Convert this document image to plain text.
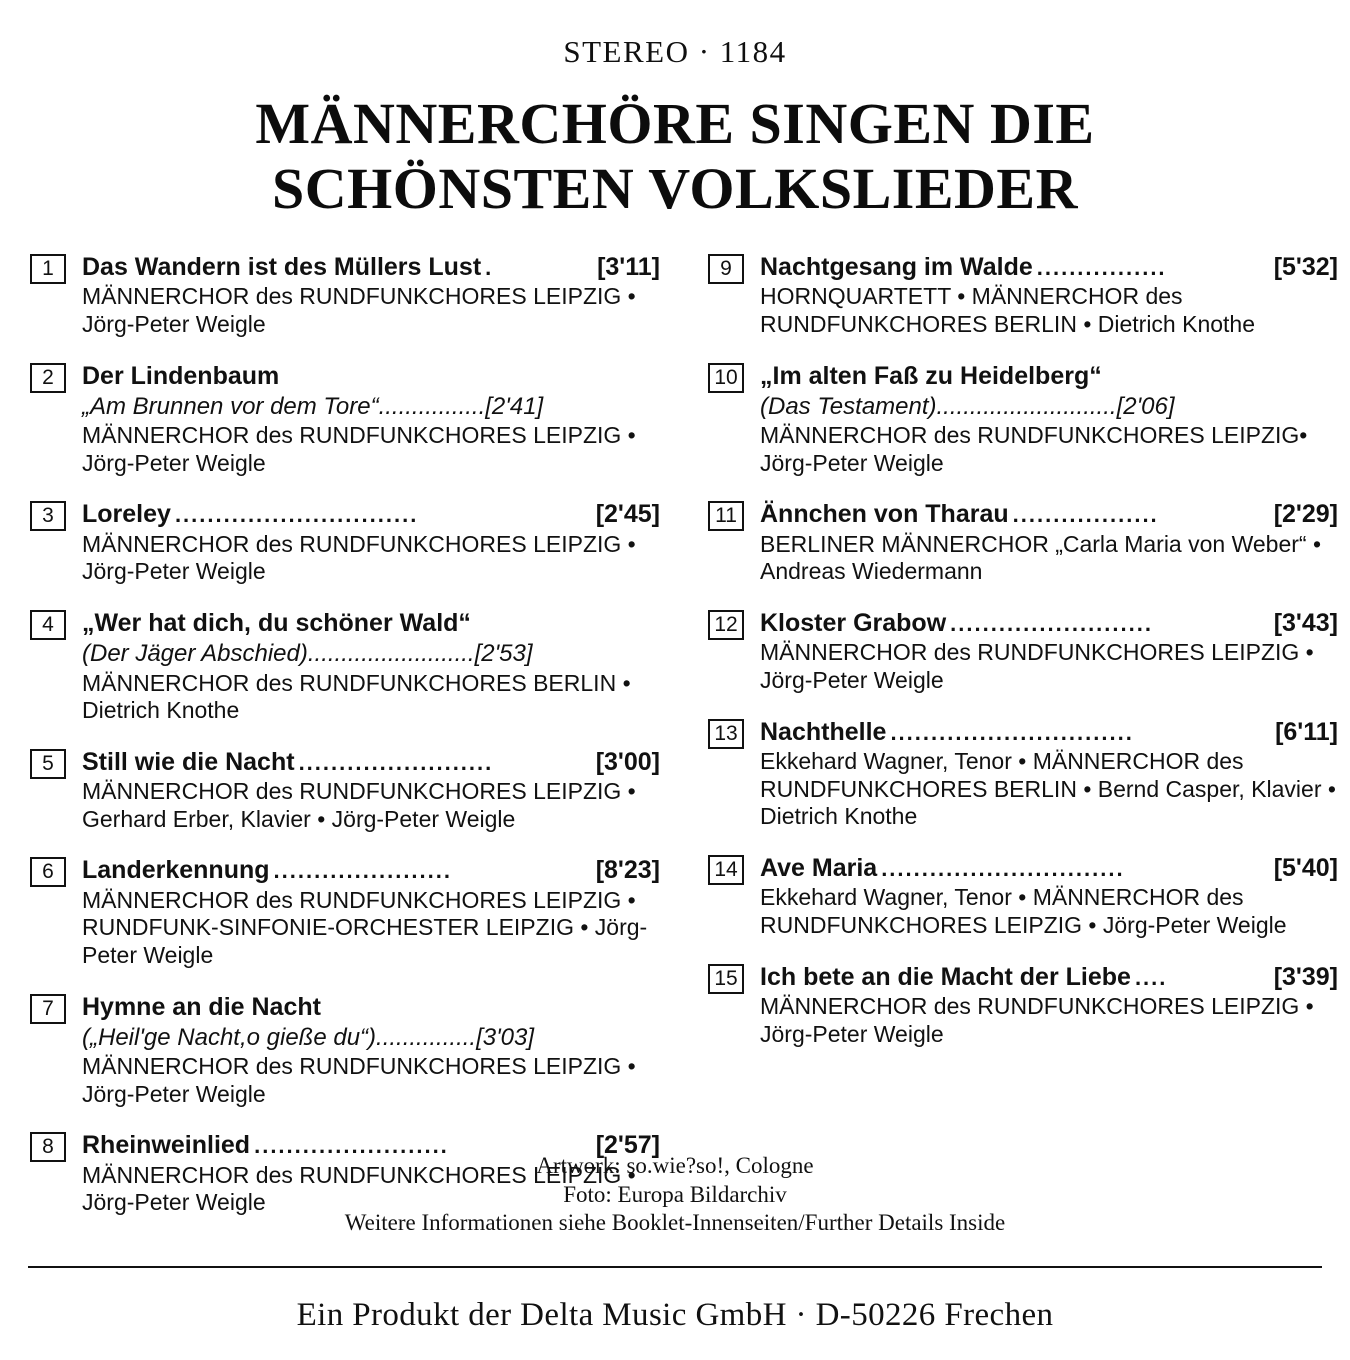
STEREO · 1184
MÄNNERCHÖRE SINGEN DIE
SCHÖNSTEN VOLKSLIEDER
1	Das Wandern ist des Müllers Lust .	[3'11]
MÄNNERCHOR des RUNDFUNKCHORES LEIPZIG • Jörg-Peter Weigle
2	Der Lindenbaum
„Am Brunnen vor dem Tore“ ................ [2'41]
MÄNNERCHOR des RUNDFUNKCHORES LEIPZIG • Jörg-Peter Weigle
3	Loreley ..............................	[2'45]
MÄNNERCHOR des RUNDFUNKCHORES LEIPZIG • Jörg-Peter Weigle
4	„Wer hat dich, du schöner Wald“
(Der Jäger Abschied) ......................... [2'53]
MÄNNERCHOR des RUNDFUNKCHORES BERLIN • Dietrich Knothe
5	Still wie die Nacht ........................	[3'00]
MÄNNERCHOR des RUNDFUNKCHORES LEIPZIG • Gerhard Erber, Klavier • Jörg-Peter Weigle
6	Landerkennung ......................	[8'23]
MÄNNERCHOR des RUNDFUNKCHORES LEIPZIG • RUNDFUNK-SINFONIE-ORCHESTER LEIPZIG • Jörg-Peter Weigle
7	Hymne an die Nacht
(„Heil'ge Nacht,o gieße du“) ............... [3'03]
MÄNNERCHOR des RUNDFUNKCHORES LEIPZIG • Jörg-Peter Weigle
8	Rheinweinlied ........................	[2'57]
MÄNNERCHOR des RUNDFUNKCHORES LEIPZIG • Jörg-Peter Weigle
9	Nachtgesang im Walde ................	[5'32]
HORNQUARTETT • MÄNNERCHOR des RUNDFUNKCHORES BERLIN • Dietrich Knothe
10 „Im alten Faß zu Heidelberg“
(Das Testament) ........................... [2'06]
MÄNNERCHOR des RUNDFUNKCHORES LEIPZIG• Jörg-Peter Weigle
11 Ännchen von Tharau ..................	[2'29]
BERLINER MÄNNERCHOR „Carla Maria von Weber“ • Andreas Wiedermann
12 Kloster Grabow .........................	[3'43]
MÄNNERCHOR des RUNDFUNKCHORES LEIPZIG • Jörg-Peter Weigle
13 Nachthelle ..............................	[6'11]
Ekkehard Wagner, Tenor • MÄNNERCHOR des RUNDFUNKCHORES BERLIN • Bernd Casper, Klavier • Dietrich Knothe
14 Ave Maria ..............................	[5'40]
Ekkehard Wagner, Tenor • MÄNNERCHOR des RUNDFUNKCHORES LEIPZIG • Jörg-Peter Weigle
15 Ich bete an die Macht der Liebe ....	[3'39]
MÄNNERCHOR des RUNDFUNKCHORES LEIPZIG • Jörg-Peter Weigle
Artwork: so.wie?so!, Cologne
Foto: Europa Bildarchiv
Weitere Informationen siehe Booklet-Innenseiten/Further Details Inside
Ein Produkt der Delta Music GmbH · D-50226 Frechen
